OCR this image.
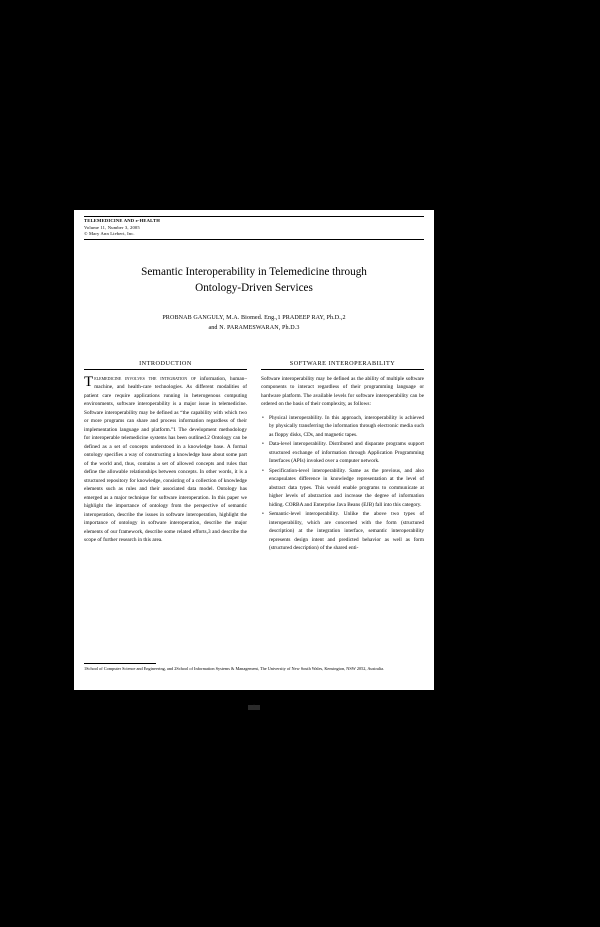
TELEMEDICINE AND e-HEALTH
Volume 11, Number 3, 2005
© Mary Ann Liebert, Inc.
Semantic Interoperability in Telemedicine through
Ontology-Driven Services
PROBNAB GANGULY, M.A. Biomed. Eng.,1 PRADEEP RAY, Ph.D.,2
and N. PARAMESWARAN, Ph.D.3
INTRODUCTION

Telemedicine involves the integration of information, human–machine, and health-care technologies. As different modalities of patient care require applications running in heterogenous computing environments, software interoperability is a major issue in telemedicine. Software interoperability may be defined as “the capability with which two or more programs can share and process information regardless of their implementation language and platform.”1 The development methodology for interoperable telemedicine systems has been outlined.2 Ontology can be defined as a set of concepts understood in a knowledge base. A formal ontology specifies a way of constructing a knowledge base about some part of the world and, thus, contains a set of allowed concepts and rules that define the allowable relationships between concepts. In other words, it is a structured repository for knowledge, consisting of a collection of knowledge elements such as rules and their associated data model. Ontology has emerged as a major technique for software interoperation. In this paper we highlight the importance of ontology from the perspective of semantic interoperation, describe the issues in software interoperation, highlight the importance of ontology in software interoperation, describe the major elements of our framework, describe some related efforts,3 and describe the scope of further research in this area.

SOFTWARE INTEROPERABILITY

Software interoperability may be defined as the ability of multiple software components to interact regardless of their programming language or hardware platform. The available levels for software interoperability can be ordered on the basis of their complexity, as follows:

• Physical interoperability. In this approach, interoperability is achieved by physically transferring the information through electronic media such as floppy disks, CDs, and magnetic tapes.
• Data-level interoperability. Distributed and disparate programs support structured exchange of information through Application Programming Interfaces (APIs) invoked over a computer network.
• Specification-level interoperability. Same as the previous, and also encapsulates difference in knowledge representation at the level of abstract data types. This would enable programs to communicate at higher levels of abstraction and increase the degree of information hiding. CORBA and Enterprise Java Beans (EJB) fall into this category.
• Semantic-level interoperability. Unlike the above two types of interoperability, which are concerned with the form (structured description) at the integration interface, semantic interoperability represents design intent and predicted behavior as well as form (structured description) of the shared enti-
1School of Computer Science and Engineering, and 2School of Information Systems & Management, The University of New South Wales, Kensington, NSW 2052, Australia.
1
